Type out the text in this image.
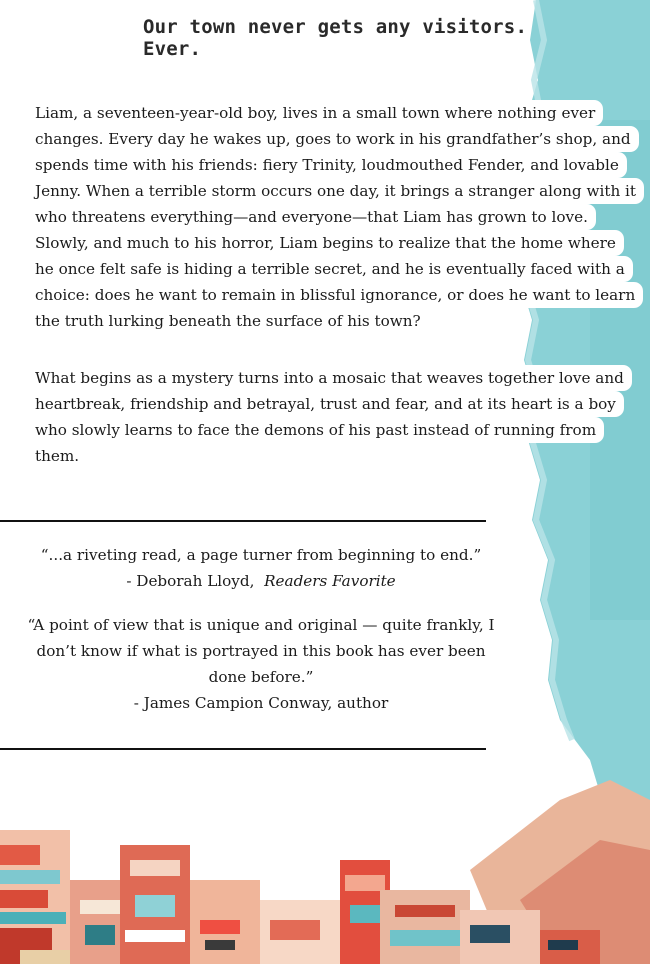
Our town never gets any visitors.
Ever.
Liam, a seventeen-year-old boy, lives in a small town where nothing ever
changes. Every day he wakes up, goes to work in his grandfather’s shop, and
spends time with his friends: fiery Trinity, loudmouthed Fender, and lovable
Jenny. When a terrible storm occurs one day, it brings a stranger along with it
who threatens everything—and everyone—that Liam has grown to love.
Slowly, and much to his horror, Liam begins to realize that the home where
he once felt safe is hiding a terrible secret, and he is eventually faced with a
choice: does he want to remain in blissful ignorance, or does he want to learn
the truth lurking beneath the surface of his town?
What begins as a mystery turns into a mosaic that weaves together love and
heartbreak, friendship and betrayal, trust and fear, and at its heart is a boy
who slowly learns to face the demons of his past instead of running from
them.
“...a riveting read, a page turner from beginning to end.”
- Deborah Lloyd, Readers Favorite
“A point of view that is unique and original — quite frankly, I
don’t know if what is portrayed in this book has ever been
done before.”
- James Campion Conway, author
